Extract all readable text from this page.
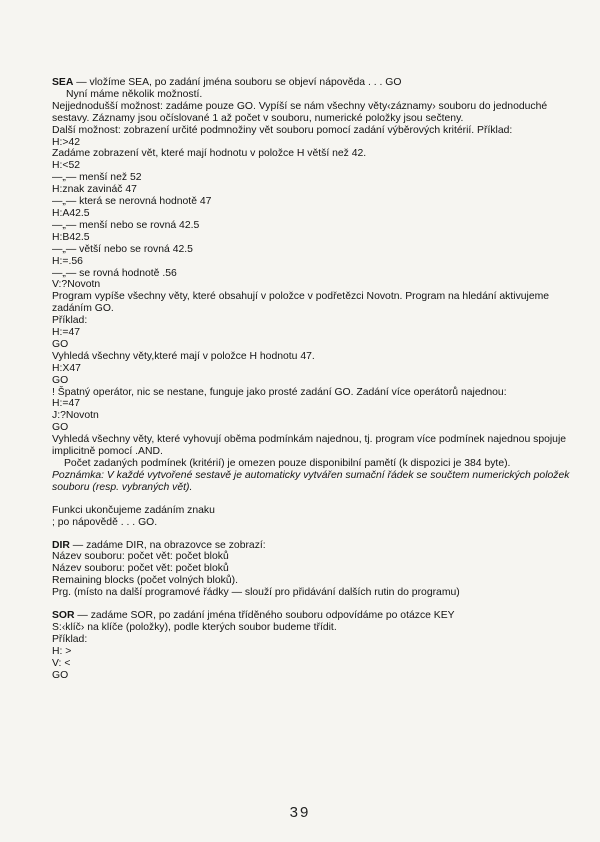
SEA — vložíme SEA, po zadání jména souboru se objeví nápověda . . . GO
Nyní máme několik možností.
Nejjednodušší možnost: zadáme pouze GO. Vypíší se nám všechny věty‹záznamy› souboru do jednoduché sestavy. Záznamy jsou očíslované 1 až počet v souboru, numerické položky jsou sečteny.
Další možnost: zobrazení určité podmnožiny vět souboru pomocí zadání výběrových kritérií. Příklad:
H:>42
Zadáme zobrazení vět, které mají hodnotu v položce H větší než 42.
H:<52
—„— menší než 52
H:znak zavináč 47
—„— která se nerovná hodnotě 47
H:A42.5
—„— menší nebo se rovná 42.5
H:B42.5
—„— větší nebo se rovná 42.5
H:=.56
—„— se rovná hodnotě .56
V:?Novotn
Program vypíše všechny věty, které obsahují v položce v podřetězci Novotn. Program na hledání aktivujeme zadáním GO.
Příklad:
H:=47
GO
Vyhledá všechny věty,které mají v položce H hodnotu 47.
H:X47
GO
! Špatný operátor, nic se nestane, funguje jako prosté zadání GO. Zadání více operátorů najednou:
H:=47
J:?Novotn
GO
Vyhledá všechny věty, které vyhovují oběma podmínkám najednou, tj. program více podmínek najednou spojuje implicitně pomocí .AND.
Počet zadaných podmínek (kritérií) je omezen pouze disponibilní pamětí (k dispozici je 384 byte).
Poznámka: V každé vytvořené sestavě je automaticky vytvářen sumační řádek se součtem numerických položek souboru (resp. vybraných vět).
Funkci ukončujeme zadáním znaku
; po nápovědě . . . GO.
DIR — zadáme DIR, na obrazovce se zobrazí:
Název souboru: počet vět: počet bloků
Název souboru: počet vět: počet bloků
Remaining blocks (počet volných bloků).
Prg. (místo na další programové řádky — slouží pro přidávání dalších rutin do programu)
SOR — zadáme SOR, po zadání jména tříděného souboru odpovídáme po otázce KEY
S:‹klíč› na klíče (položky), podle kterých soubor budeme třídit.
Příklad:
H: >
V: <
GO
39
